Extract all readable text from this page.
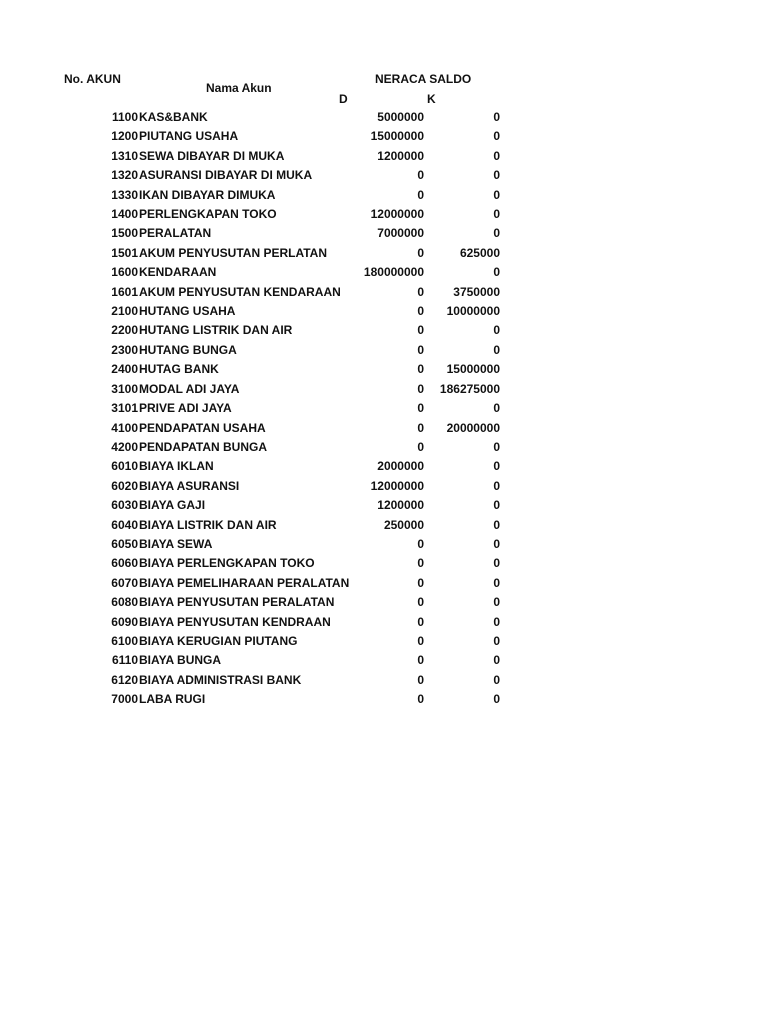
No. AKUN
Nama Akun
NERACA SALDO
D	K
1100 KAS&BANK	5000000	0
1200 PIUTANG USAHA	15000000	0
1310 SEWA DIBAYAR DI MUKA	1200000	0
1320 ASURANSI DIBAYAR DI MUKA	0	0
1330 IKAN DIBAYAR DIMUKA	0	0
1400 PERLENGKAPAN TOKO	12000000	0
1500 PERALATAN	7000000	0
1501 AKUM PENYUSUTAN PERLATAN	0	625000
1600 KENDARAAN	180000000	0
1601 AKUM PENYUSUTAN KENDARAAN	0	3750000
2100 HUTANG USAHA	0	10000000
2200 HUTANG LISTRIK DAN AIR	0	0
2300 HUTANG BUNGA	0	0
2400 HUTAG BANK	0	15000000
3100 MODAL ADI JAYA	0	186275000
3101 PRIVE ADI JAYA	0	0
4100 PENDAPATAN USAHA	0	20000000
4200 PENDAPATAN BUNGA	0	0
6010 BIAYA IKLAN	2000000	0
6020 BIAYA ASURANSI	12000000	0
6030 BIAYA GAJI	1200000	0
6040 BIAYA LISTRIK DAN AIR	250000	0
6050 BIAYA SEWA	0	0
6060 BIAYA PERLENGKAPAN TOKO	0	0
6070 BIAYA PEMELIHARAAN PERALATAN	0	0
6080 BIAYA PENYUSUTAN PERALATAN	0	0
6090 BIAYA PENYUSUTAN KENDRAAN	0	0
6100 BIAYA KERUGIAN PIUTANG	0	0
6110 BIAYA BUNGA	0	0
6120 BIAYA ADMINISTRASI BANK	0	0
7000 LABA RUGI	0	0
